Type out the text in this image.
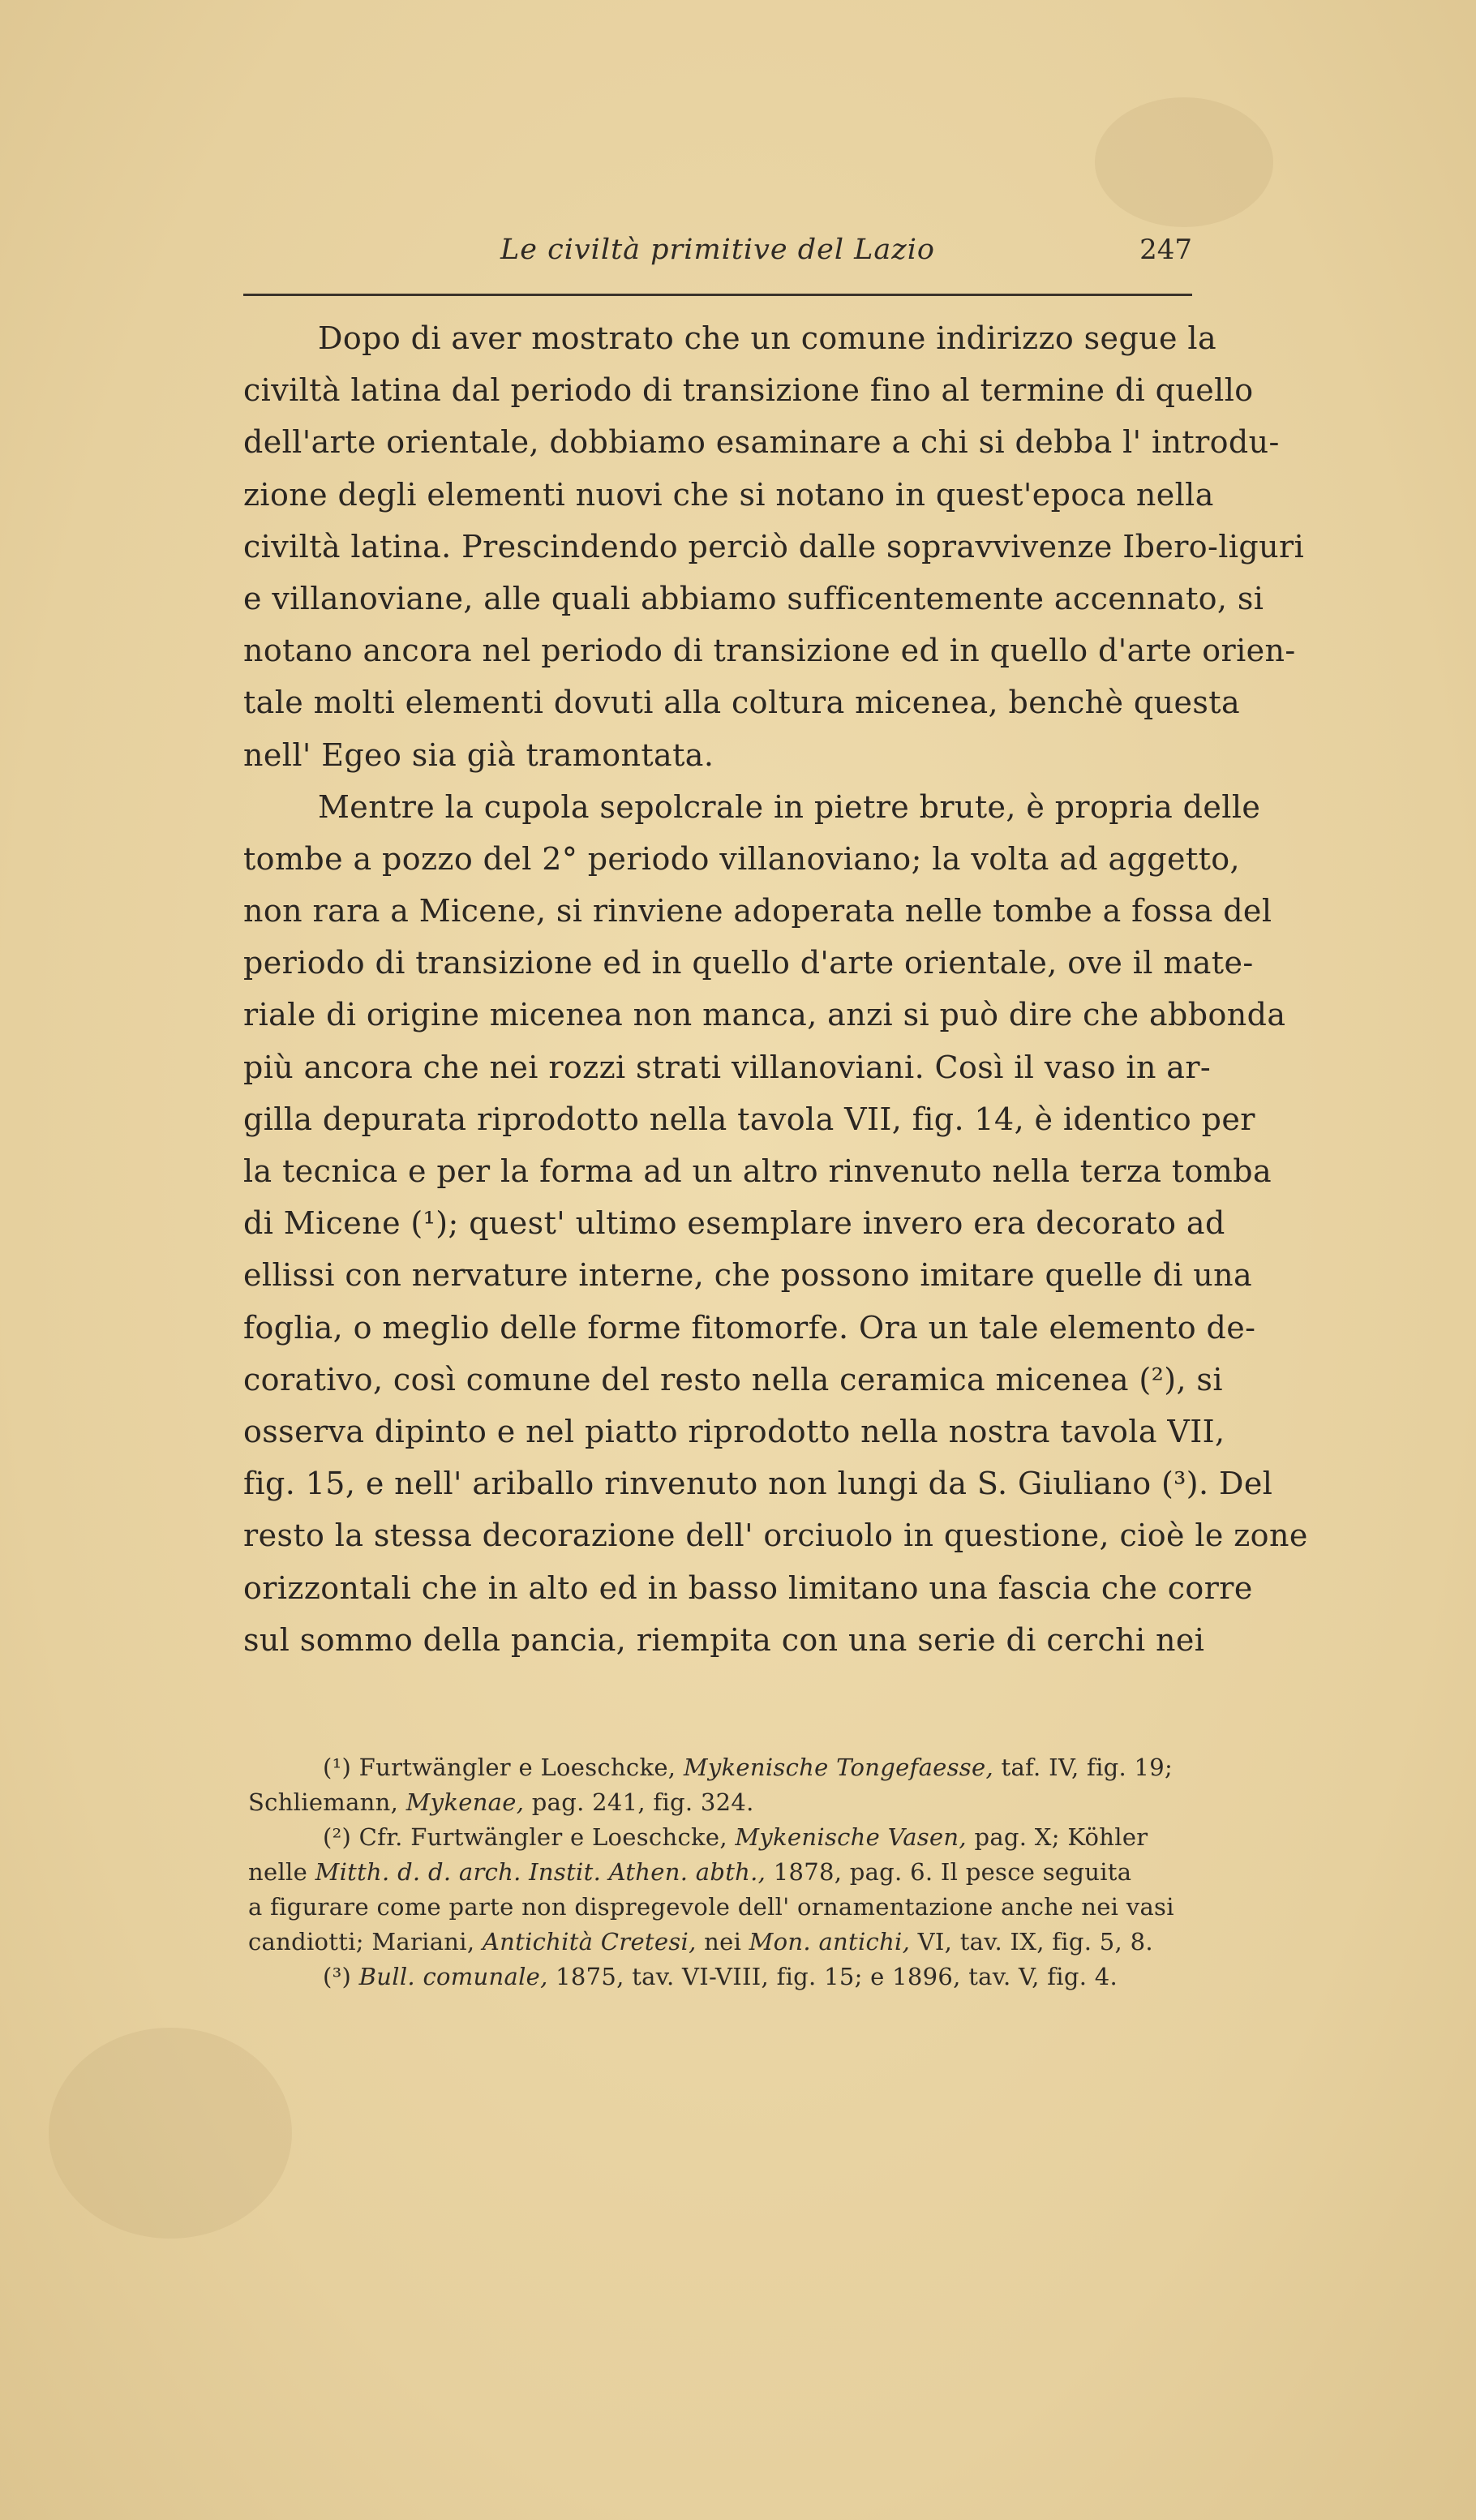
Le civiltà primitive del Lazio	247
Dopo di aver mostrato che un comune indirizzo segue la
civiltà latina dal periodo di transizione fino al termine di quello
dell'arte orientale, dobbiamo esaminare a chi si debba l' introdu-
zione degli elementi nuovi che si notano in quest'epoca nella
civiltà latina. Prescindendo perciò dalle sopravvivenze Ibero-liguri
e villanoviane, alle quali abbiamo sufficentemente accennato, si
notano ancora nel periodo di transizione ed in quello d'arte orien-
tale molti elementi dovuti alla coltura micenea, benchè questa
nell' Egeo sia già tramontata.
Mentre la cupola sepolcrale in pietre brute, è propria delle
tombe a pozzo del 2° periodo villanoviano; la volta ad aggetto,
non rara a Micene, si rinviene adoperata nelle tombe a fossa del
periodo di transizione ed in quello d'arte orientale, ove il mate-
riale di origine micenea non manca, anzi si può dire che abbonda
più ancora che nei rozzi strati villanoviani. Così il vaso in ar-
gilla depurata riprodotto nella tavola VII, fig. 14, è identico per
la tecnica e per la forma ad un altro rinvenuto nella terza tomba
di Micene (¹); quest' ultimo esemplare invero era decorato ad
ellissi con nervature interne, che possono imitare quelle di una
foglia, o meglio delle forme fitomorfe. Ora un tale elemento de-
corativo, così comune del resto nella ceramica micenea (²), si
osserva dipinto e nel piatto riprodotto nella nostra tavola VII,
fig. 15, e nell' ariballo rinvenuto non lungi da S. Giuliano (³). Del
resto la stessa decorazione dell' orciuolo in questione, cioè le zone
orizzontali che in alto ed in basso limitano una fascia che corre
sul sommo della pancia, riempita con una serie di cerchi nei
(¹) Furtwängler e Loeschcke, Mykenische Tongefaesse, taf. IV, fig. 19;
Schliemann, Mykenae, pag. 241, fig. 324.
(²) Cfr. Furtwängler e Loeschcke, Mykenische Vasen, pag. X; Köhler
nelle Mitth. d. d. arch. Instit. Athen. abth., 1878, pag. 6. Il pesce seguita
a figurare come parte non dispregevole dell' ornamentazione anche nei vasi
candiotti; Mariani, Antichità Cretesi, nei Mon. antichi, VI, tav. IX, fig. 5, 8.
(³) Bull. comunale, 1875, tav. VI-VIII, fig. 15; e 1896, tav. V, fig. 4.
